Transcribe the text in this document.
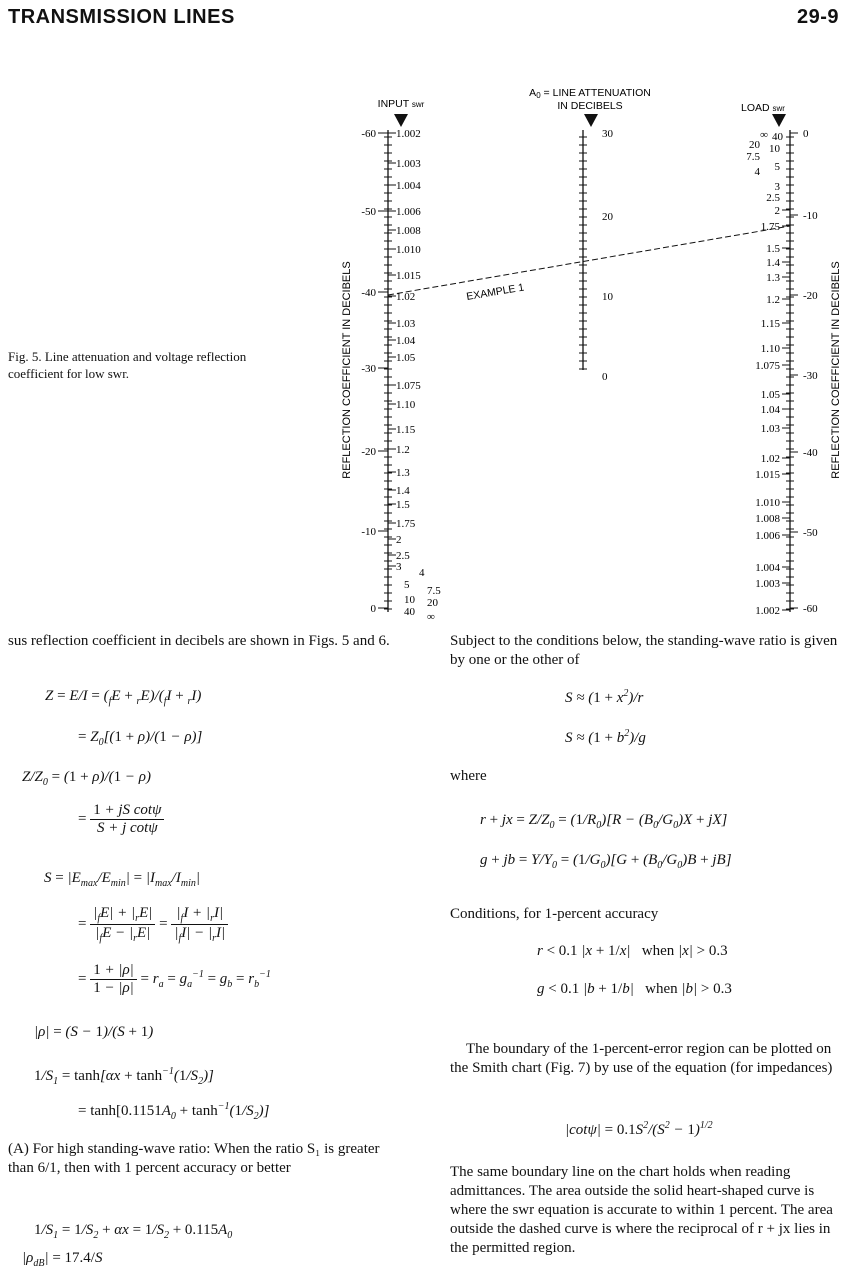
TRANSMISSION LINES	29-9
Fig. 5. Line attenuation and voltage reflection coefficient for low swr.
INPUT swr
A0 = LINE ATTENUATION
IN DECIBELS	LOAD swr
REFLECTION COEFFICIENT IN DECIBELS	REFLECTION COEFFICIENT IN DECIBELS
EXAMPLE 1
-60
-50
-40
-30
-20
-10
0
1.002
1.003
1.004
1.006
1.008
1.010
1.015
1.02
1.03
1.04
1.05
1.075
1.10
1.15
1.2
1.3
1.4
1.5
1.75
2
2.5
3 4
5 7.5
10 20
40 ∞
30
20
10
0
0
-10
-20
-30
-40
-50
-60
∞ 40
20 10
7.5
5
4
3
2.5
2
1.75
1.5
1.4
1.3
1.2
1.15
1.10
1.075
1.05
1.04
1.03
1.02
1.015
1.010
1.008
1.006
1.004
1.003
1.002
sus reflection coefficient in decibels are shown in Figs. 5 and 6.
$Z = E/I = (_fE + _rE)/(_fI + _rI)$
= $Z_0[(1 + \rho)/(1 - \rho)]$
$Z/Z_0 = (1 + \rho)/(1 - \rho)$
= $\frac{\text{1 + jS cotψ}}{\text{S + j cotψ}}$
$S = |E_{max}/E_{min}| = |I_{max}/I_{min}|$
= $\frac{|_fE| + |_rE|}{|_fE - |_rE|} = \frac{|_fI + |_rI|}{|_fI| - |_rI|}$
= $\frac{1 + |\rho|}{1 - |\rho|} = r_a = g_a^{-1} = g_b = r_b^{-1}$
|ρ| = (S − 1)/(S + 1)
$1/S_1 = \tanh[\alpha x + \tanh^{-1}(1/S_2)]$
= $\tanh[0.1151A_0 + \tanh^{-1}(1/S_2)]$
(A) For high standing-wave ratio: When the ratio S₁ is greater than 6/1, then with 1 percent accuracy or better
$1/S_1 = 1/S_2 + \alpha x = 1/S_2 + 0.115A_0$
$|\rho_{dB}| = 17.4/S$
Subject to the conditions below, the standing-wave ratio is given by one or the other of
$S \approx (1 + x^2)/r$
$S \approx (1 + b^2)/g$
where
r + jx = $Z/Z_0 = (1/R_0)[R - (B_0/G_0)X + jX]$
g + jb = $Y/Y_0 = (1/G_0)[G + (B_0/G_0)B + jB]$
Conditions, for 1-percent accuracy
r < 0.1 |x + 1/x|   when |x| > 0.3
g < 0.1 |b + 1/b|   when |b| > 0.3
The boundary of the 1-percent-error region can be plotted on the Smith chart (Fig. 7) by use of the equation (for impedances)
$|\cot\psi| = 0.1S^2/(S^2 - 1)^{1/2}$
The same boundary line on the chart holds when reading admittances. The area outside the solid heart-shaped curve is where the swr equation is accurate to within 1 percent. The area outside the dashed curve is where the reciprocal of r + jx lies in the permitted region.
